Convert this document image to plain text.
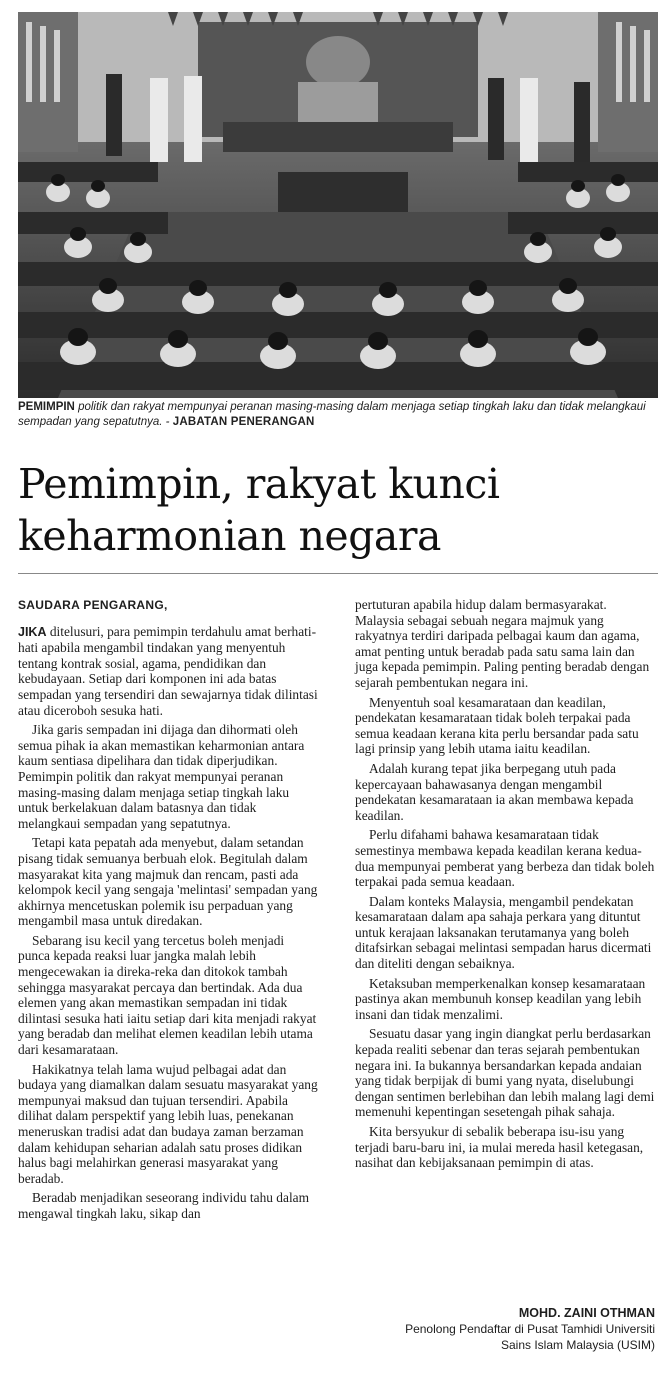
PEMIMPIN politik dan rakyat mempunyai peranan masing-masing dalam menjaga setiap tingkah laku dan tidak melangkaui sempadan yang sepatutnya. - JABATAN PENERANGAN
Pemimpin, rakyat kunci
keharmonian negara
SAUDARA PENGARANG,

JIKA ditelusuri, para pemimpin terdahulu amat berhati-hati apabila mengambil tindakan yang menyentuh tentang kontrak sosial, agama, pendidikan dan kebudayaan. Setiap dari komponen ini ada batas sempadan yang tersendiri dan sewajarnya tidak dilintasi atau diceroboh sesuka hati.

Jika garis sempadan ini dijaga dan dihormati oleh semua pihak ia akan memastikan keharmonian antara kaum sentiasa dipelihara dan tidak diperjudikan. Pemimpin politik dan rakyat mempunyai peranan masing-masing dalam menjaga setiap tingkah laku untuk berkelakuan dalam batasnya dan tidak melangkaui sempadan yang sepatutnya.

Tetapi kata pepatah ada menyebut, dalam setandan pisang tidak semuanya berbuah elok. Begitulah dalam masyarakat kita yang majmuk dan rencam, pasti ada kelompok kecil yang sengaja 'melintasi' sempadan yang akhirnya mencetuskan polemik isu perpaduan yang mengambil masa untuk diredakan.

Sebarang isu kecil yang tercetus boleh menjadi punca kepada reaksi luar jangka malah lebih mengecewakan ia direka-reka dan ditokok tambah sehingga masyarakat percaya dan bertindak. Ada dua elemen yang akan memastikan sempadan ini tidak dilintasi sesuka hati iaitu setiap dari kita menjadi rakyat yang beradab dan melihat elemen keadilan lebih utama dari kesamarataan.

Hakikatnya telah lama wujud pelbagai adat dan budaya yang diamalkan dalam sesuatu masyarakat yang mempunyai maksud dan tujuan tersendiri. Apabila dilihat dalam perspektif yang lebih luas, penekanan meneruskan tradisi adat dan budaya zaman berzaman dalam kehidupan seharian adalah satu proses didikan halus bagi melahirkan generasi masyarakat yang beradab.

Beradab menjadikan seseorang individu tahu dalam mengawal tingkah laku, sikap dan

pertuturan apabila hidup dalam bermasyarakat. Malaysia sebagai sebuah negara majmuk yang rakyatnya terdiri daripada pelbagai kaum dan agama, amat penting untuk beradab pada satu sama lain dan juga kepada pemimpin. Paling penting beradab dengan sejarah pembentukan negara ini.

Menyentuh soal kesamarataan dan keadilan, pendekatan kesamarataan tidak boleh terpakai pada semua keadaan kerana kita perlu bersandar pada satu lagi prinsip yang lebih utama iaitu keadilan.

Adalah kurang tepat jika berpegang utuh pada kepercayaan bahawasanya dengan mengambil pendekatan kesamarataan ia akan membawa kepada keadilan.

Perlu difahami bahawa kesamarataan tidak semestinya membawa kepada keadilan kerana kedua-dua mempunyai pemberat yang berbeza dan tidak boleh terpakai pada semua keadaan.

Dalam konteks Malaysia, mengambil pendekatan kesamarataan dalam apa sahaja perkara yang dituntut untuk kerajaan laksanakan terutamanya yang boleh ditafsirkan sebagai melintasi sempadan harus dicermati dan diteliti dengan sebaiknya.

Ketaksuban memperkenalkan konsep kesamarataan pastinya akan membunuh konsep keadilan yang lebih insani dan tidak menzalimi.

Sesuatu dasar yang ingin diangkat perlu berdasarkan kepada realiti sebenar dan teras sejarah pembentukan negara ini. Ia bukannya bersandarkan kepada andaian yang tidak berpijak di bumi yang nyata, diselubungi dengan sentimen berlebihan dan lebih malang lagi demi memenuhi kepentingan sesetengah pihak sahaja.

Kita bersyukur di sebalik beberapa isu-isu yang terjadi baru-baru ini, ia mulai mereda hasil ketegasan, nasihat dan kebijaksanaan pemimpin di atas.

MOHD. ZAINI OTHMAN
Penolong Pendaftar di Pusat Tamhidi Universiti
Sains Islam Malaysia (USIM)
